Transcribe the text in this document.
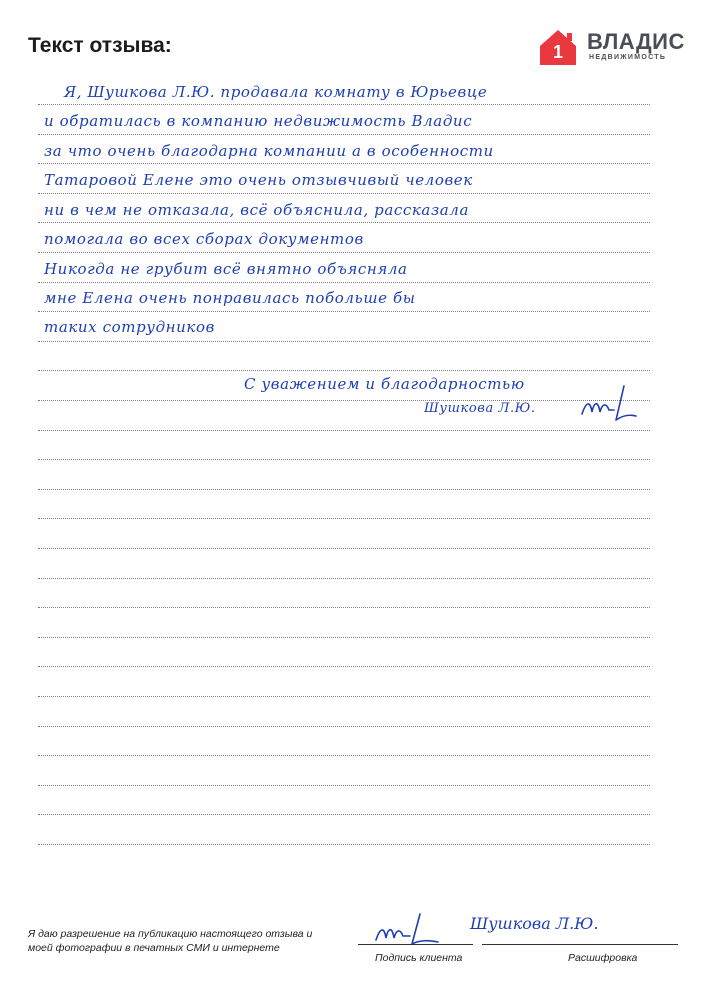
Текст отзыва:	1 ВЛАДИС
НЕДВИЖИМОСТЬ
Я, Шушкова Л.Ю. продавала комнату в Юрьевце
и обратилась в компанию недвижимость Владис
за что очень благодарна компании а в особенности
Татаровой Елене это очень отзывчивый человек
ни в чем не отказала, всё объяснила, рассказала
помогала во всех сборах документов
Никогда не грубит всё внятно объясняла
мне Елена очень понравилась побольше бы
таких сотрудников
С уважением и благодарностью
Шушкова Л.Ю.
Я даю разрешение на публикацию настоящего отзыва и моей фотографии в печатных СМИ и интернете
Шушкова Л.Ю.
Подпись клиента	Расшифровка
